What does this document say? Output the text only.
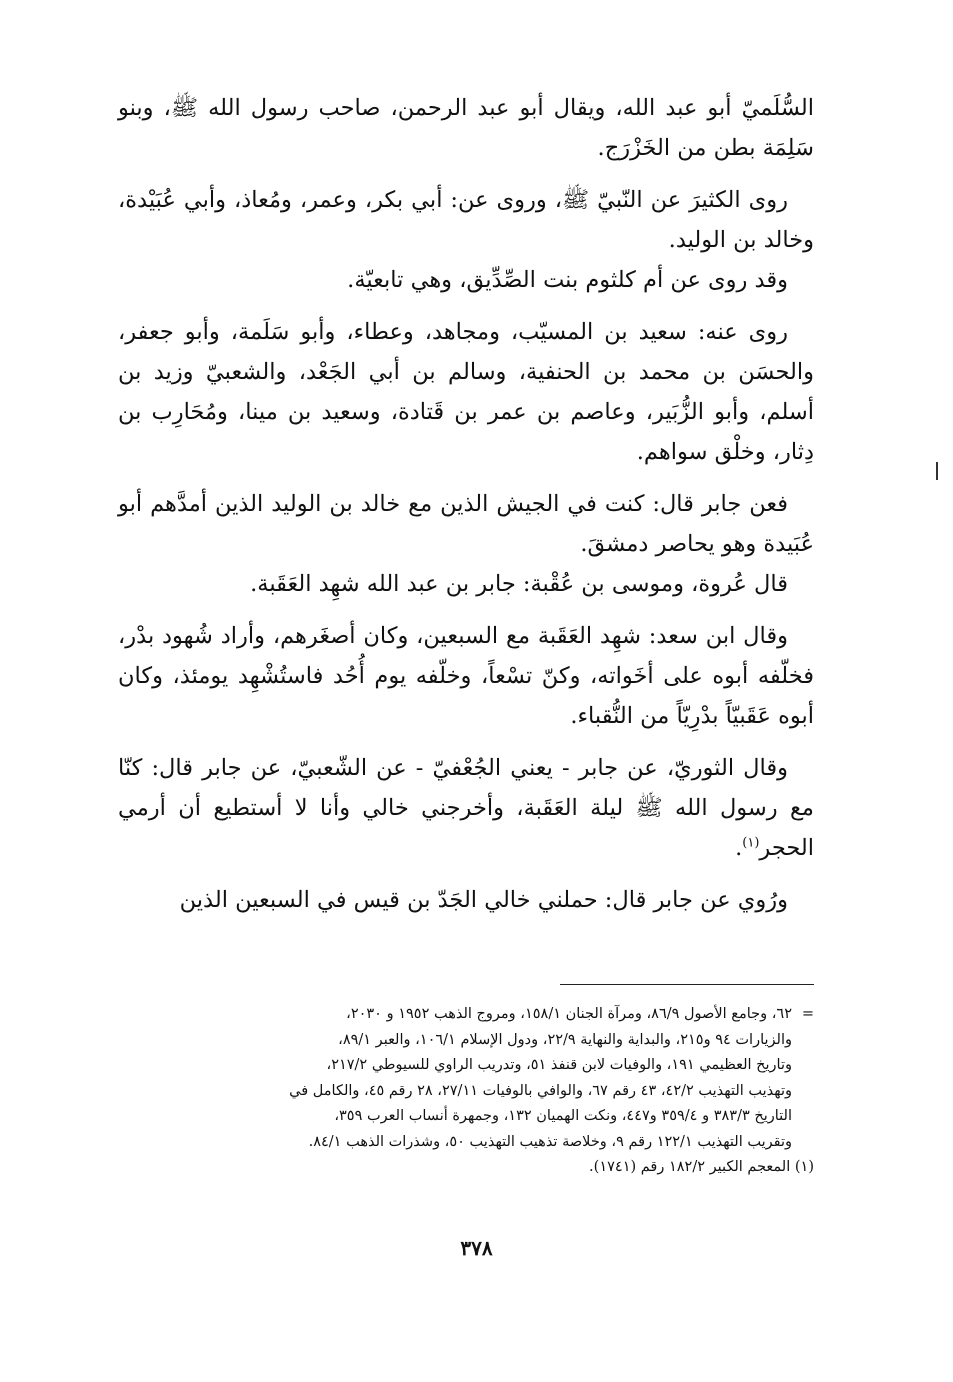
السُّلَميّ أبو عبد الله، ويقال أبو عبد الرحمن، صاحب رسول الله ﷺ، وبنو سَلِمَة بطن من الخَزْرَج.

روى الكثيرَ عن النّبيّ ﷺ، وروى عن: أبي بكر، وعمر، ومُعاذ، وأبي عُبَيْدة، وخالد بن الوليد.

وقد روى عن أم كلثوم بنت الصِّدِّيق، وهي تابعيّة.

روى عنه: سعيد بن المسيّب، ومجاهد، وعطاء، وأبو سَلَمة، وأبو جعفر، والحسَن بن محمد بن الحنفية، وسالم بن أبي الجَعْد، والشعبيّ وزيد بن أسلم، وأبو الزُّبَير، وعاصم بن عمر بن قَتادة، وسعيد بن مينا، ومُحَارِب بن دِثار، وخلْق سواهم.

فعن جابر قال: كنت في الجيش الذين مع خالد بن الوليد الذين أمدَّهم أبو عُبَيدة وهو يحاصر دمشقَ.

قال عُروة، وموسى بن عُقْبة: جابر بن عبد الله شهِد العَقَبة.

وقال ابن سعد: شهِد العَقَبة مع السبعين، وكان أصغَرهم، وأراد شُهود بدْر، فخلّفه أبوه على أخَواته، وكنّ تسْعاً، وخلّفه يوم أُحُد فاستُشْهِد يومئذ، وكان أبوه عَقَبيّاً بدْرِيّاً من النُّقباء.

وقال الثوريّ، عن جابر - يعني الجُعْفيّ - عن الشّعبيّ، عن جابر قال: كنّا مع رسول الله ﷺ ليلة العَقَبة، وأخرجني خالي وأنا لا أستطيع أن أرمي الحجر$^{(١)}$.

ورُوي عن جابر قال: حملني خالي الجَدّ بن قيس في السبعين الذين

=
٦٢، وجامع الأصول ٨٦/٩، ومرآة الجنان ١٥٨/١، ومروج الذهب ١٩٥٢ و ٢٠٣٠،

والزيارات ٩٤ و٢١٥، والبداية والنهاية ٢٢/٩، ودول الإسلام ١٠٦/١، والعبر ٨٩/١،

وتاريخ العظيمي ١٩١، والوفيات لابن قنفذ ٥١، وتدريب الراوي للسيوطي ٢١٧/٢،

وتهذيب التهذيب ٤٢/٢، ٤٣ رقم ٦٧، والوافي بالوفيات ٢٧/١١، ٢٨ رقم ٤٥، والكامل في

التاريخ ٣٨٣/٣ و ٣٥٩/٤ و٤٤٧، ونكت الهميان ١٣٢، وجمهرة أنساب العرب ٣٥٩،

وتقريب التهذيب ١٢٢/١ رقم ٩، وخلاصة تذهيب التهذيب ٥٠، وشذرات الذهب ٨٤/١.

(١) المعجم الكبير ١٨٢/٢ رقم (١٧٤١).

٣٧٨
